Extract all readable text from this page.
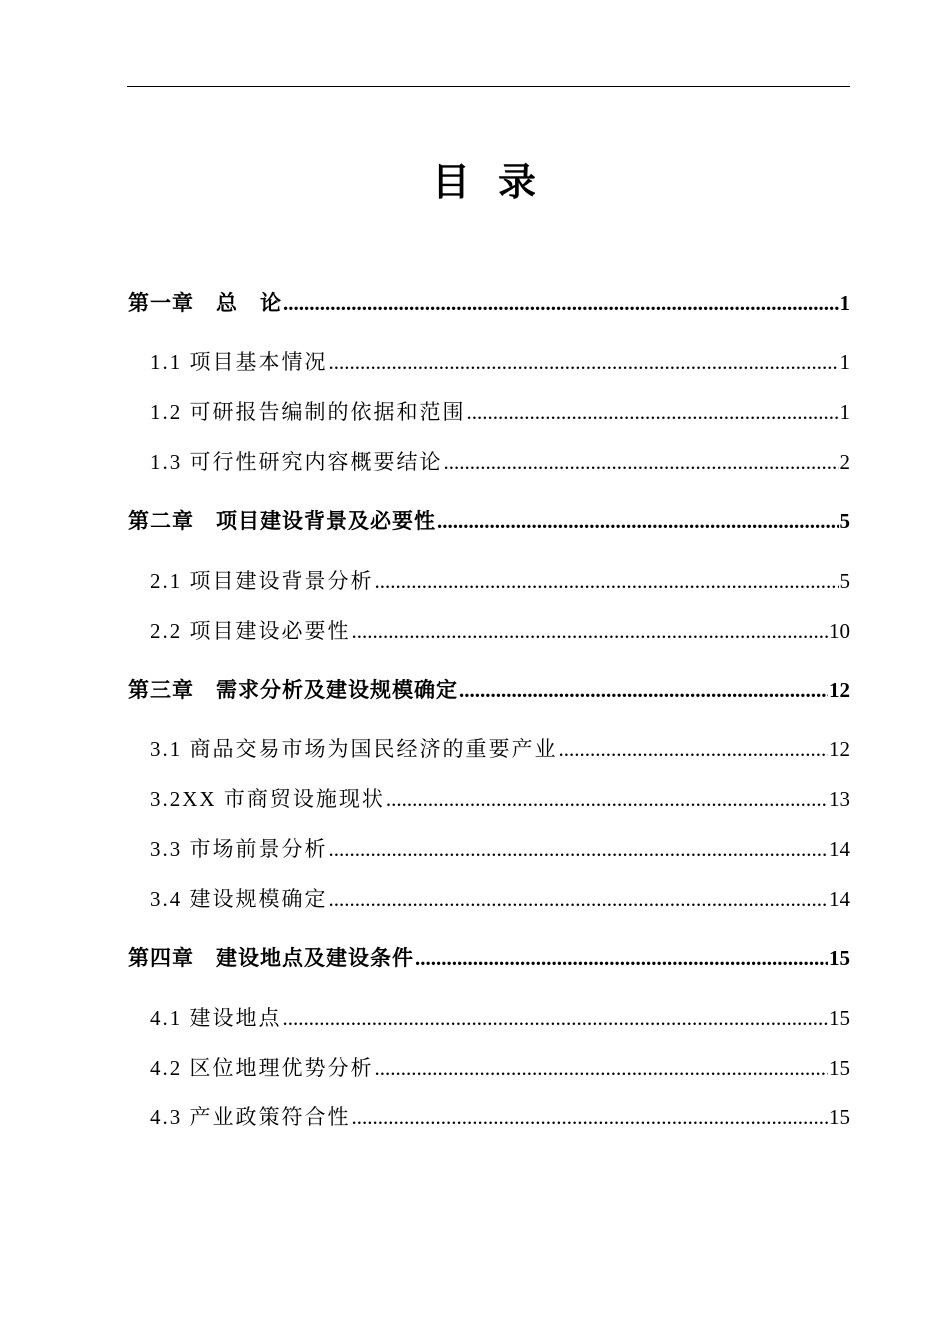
目 录
第一章　总　论 .....	1
1.1 项目基本情况 .....	1
1.2 可研报告编制的依据和范围 .....	1
1.3 可行性研究内容概要结论 .....	2
第二章　项目建设背景及必要性 .....	5
2.1 项目建设背景分析 .....	5
2.2 项目建设必要性 .....	10
第三章　需求分析及建设规模确定 .....	12
3.1 商品交易市场为国民经济的重要产业 .....	12
3.2XX 市商贸设施现状 .....	13
3.3 市场前景分析 .....	14
3.4 建设规模确定 .....	14
第四章　建设地点及建设条件 .....	15
4.1 建设地点 .....	15
4.2 区位地理优势分析 .....	15
4.3 产业政策符合性 .....	15
